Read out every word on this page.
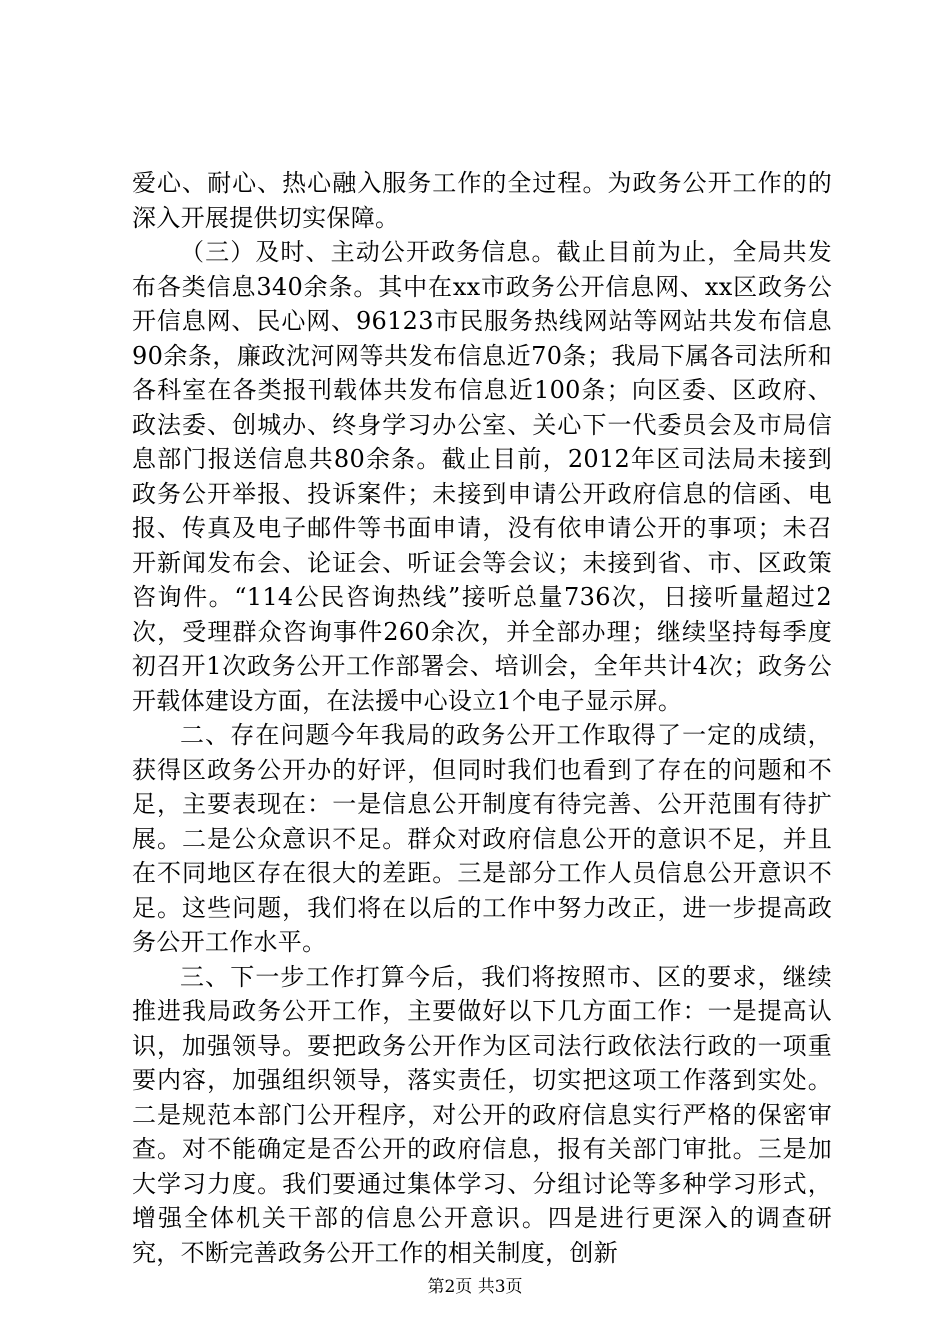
爱心、耐心、热心融入服务工作的全过程。为政务公开工作的的深入开展提供切实保障。

（三）及时、主动公开政务信息。截止目前为止，全局共发布各类信息340余条。其中在xx市政务公开信息网、xx区政务公开信息网、民心网、96123市民服务热线网站等网站共发布信息90余条，廉政沈河网等共发布信息近70条；我局下属各司法所和各科室在各类报刊载体共发布信息近100条；向区委、区政府、政法委、创城办、终身学习办公室、关心下一代委员会及市局信息部门报送信息共80余条。截止目前，2012年区司法局未接到政务公开举报、投诉案件；未接到申请公开政府信息的信函、电报、传真及电子邮件等书面申请，没有依申请公开的事项；未召开新闻发布会、论证会、听证会等会议；未接到省、市、区政策咨询件。“114公民咨询热线”接听总量736次，日接听量超过2次，受理群众咨询事件260余次，并全部办理；继续坚持每季度初召开1次政务公开工作部署会、培训会，全年共计4次；政务公开载体建设方面，在法援中心设立1个电子显示屏。

二、存在问题今年我局的政务公开工作取得了一定的成绩，获得区政务公开办的好评，但同时我们也看到了存在的问题和不足，主要表现在：一是信息公开制度有待完善、公开范围有待扩展。二是公众意识不足。群众对政府信息公开的意识不足，并且在不同地区存在很大的差距。三是部分工作人员信息公开意识不足。这些问题，我们将在以后的工作中努力改正，进一步提高政务公开工作水平。

三、下一步工作打算今后，我们将按照市、区的要求，继续推进我局政务公开工作，主要做好以下几方面工作：一是提高认识，加强领导。要把政务公开作为区司法行政依法行政的一项重要内容，加强组织领导，落实责任，切实把这项工作落到实处。二是规范本部门公开程序，对公开的政府信息实行严格的保密审查。对不能确定是否公开的政府信息，报有关部门审批。三是加大学习力度。我们要通过集体学习、分组讨论等多种学习形式，增强全体机关干部的信息公开意识。四是进行更深入的调查研究，不断完善政务公开工作的相关制度，创新

第2页 共3页
